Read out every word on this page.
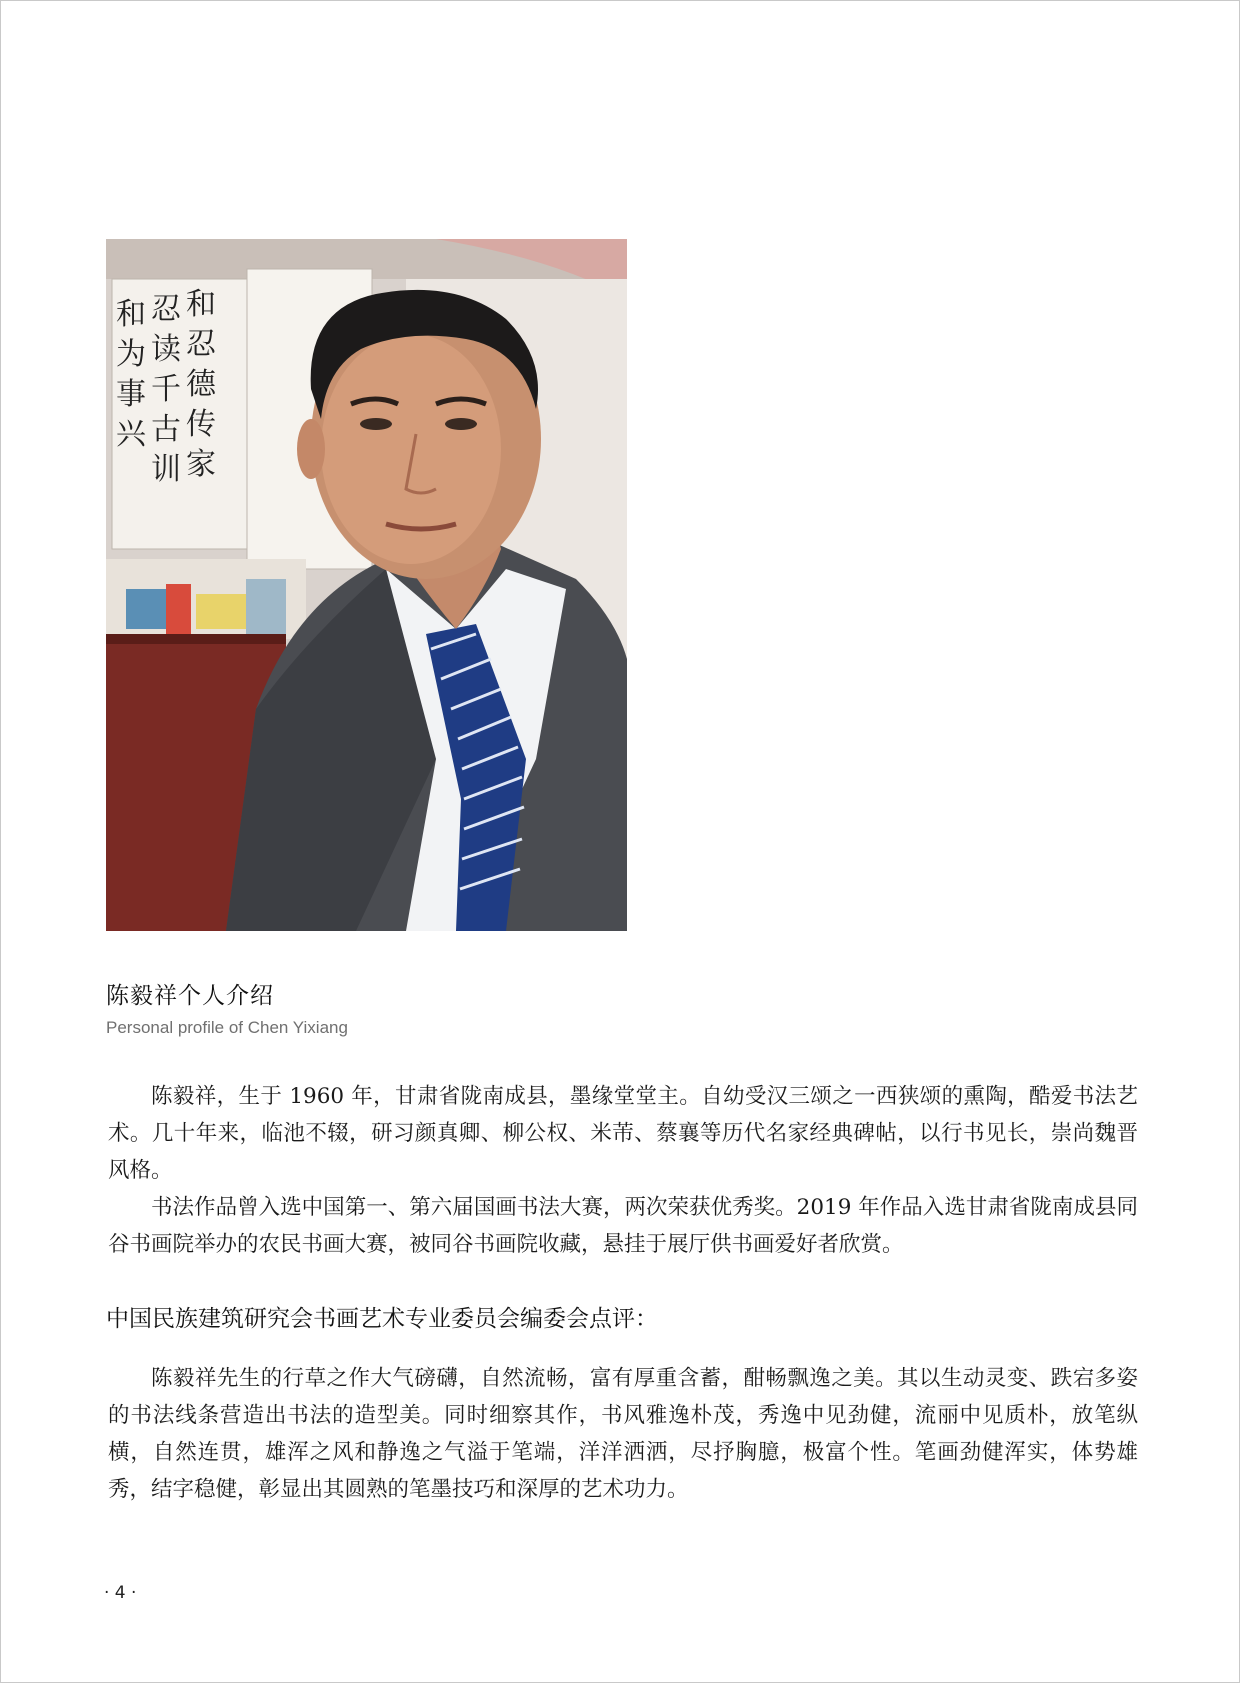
和
为
事
兴
忍
读
千
古
训
和
忍
德
传
家
陈毅祥个人介绍
Personal profile of Chen Yixiang

陈毅祥，生于 1960 年，甘肃省陇南成县，墨缘堂堂主。自幼受汉三颂之一西狭颂的熏陶，酷爱书法艺术。几十年来，临池不辍，研习颜真卿、柳公权、米芾、蔡襄等历代名家经典碑帖，以行书见长，崇尚魏晋风格。

书法作品曾入选中国第一、第六届国画书法大赛，两次荣获优秀奖。2019 年作品入选甘肃省陇南成县同谷书画院举办的农民书画大赛，被同谷书画院收藏，悬挂于展厅供书画爱好者欣赏。

中国民族建筑研究会书画艺术专业委员会编委会点评：

陈毅祥先生的行草之作大气磅礴，自然流畅，富有厚重含蓄，酣畅飘逸之美。其以生动灵变、跌宕多姿的书法线条营造出书法的造型美。同时细察其作，书风雅逸朴茂，秀逸中见劲健，流丽中见质朴，放笔纵横，自然连贯，雄浑之风和静逸之气溢于笔端，洋洋洒洒，尽抒胸臆，极富个性。笔画劲健浑实，体势雄秀，结字稳健，彰显出其圆熟的笔墨技巧和深厚的艺术功力。

· 4 ·
